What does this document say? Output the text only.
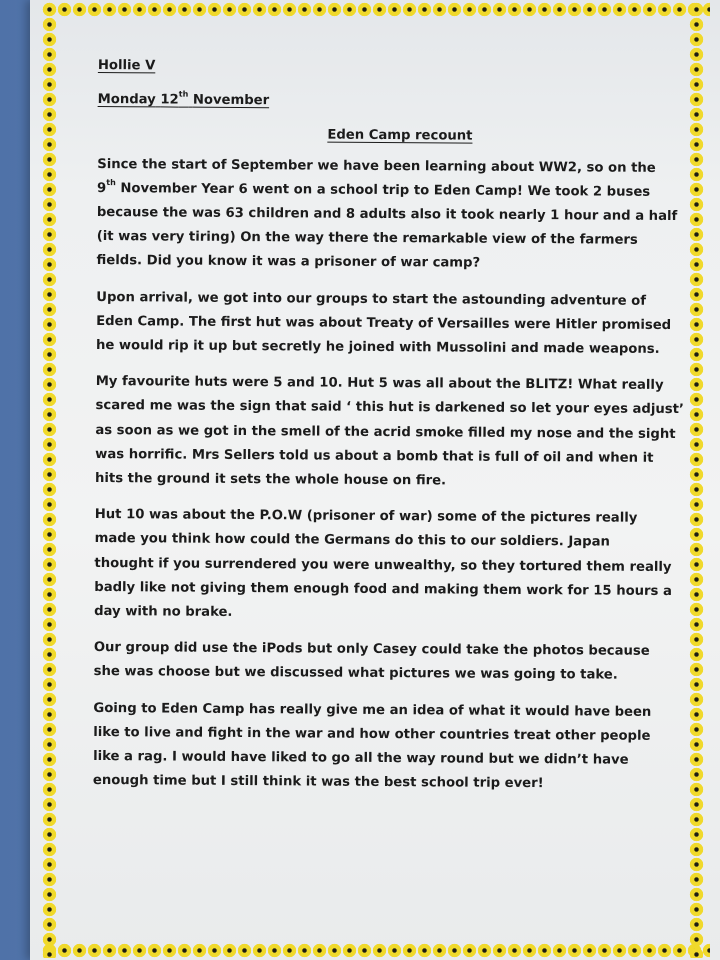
Hollie V
Monday 12th November
Eden Camp recount

Since the start of September we have been learning about WW2, so on the
9th November Year 6 went on a school trip to Eden Camp! We took 2 buses
because the was 63 children and 8 adults also it took nearly 1 hour and a half
(it was very tiring) On the way there the remarkable view of the farmers
fields. Did you know it was a prisoner of war camp?

Upon arrival, we got into our groups to start the astounding adventure of
Eden Camp. The first hut was about Treaty of Versailles were Hitler promised
he would rip it up but secretly he joined with Mussolini and made weapons.

My favourite huts were 5 and 10. Hut 5 was all about the BLITZ! What really
scared me was the sign that said ‘ this hut is darkened so let your eyes adjust’
as soon as we got in the smell of the acrid smoke filled my nose and the sight
was horrific. Mrs Sellers told us about a bomb that is full of oil and when it
hits the ground it sets the whole house on fire.

Hut 10 was about the P.O.W (prisoner of war) some of the pictures really
made you think how could the Germans do this to our soldiers. Japan
thought if you surrendered you were unwealthy, so they tortured them really
badly like not giving them enough food and making them work for 15 hours a
day with no brake.

Our group did use the iPods but only Casey could take the photos because
she was choose but we discussed what pictures we was going to take.

Going to Eden Camp has really give me an idea of what it would have been
like to live and fight in the war and how other countries treat other people
like a rag. I would have liked to go all the way round but we didn’t have
enough time but I still think it was the best school trip ever!
